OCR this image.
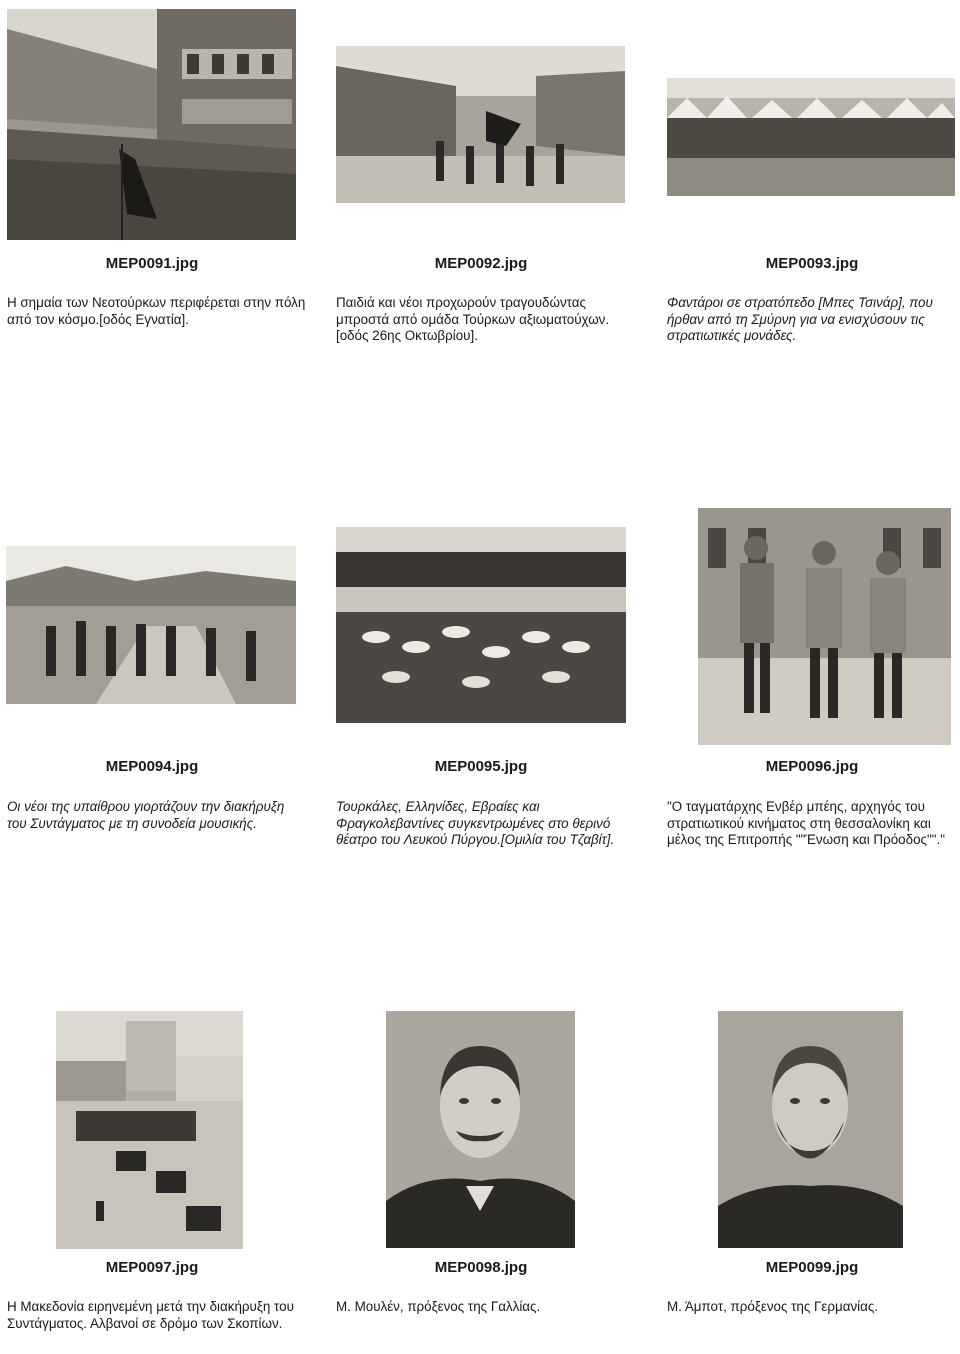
MEP0091.jpg	MEP0092.jpg	MEP0093.jpg
Η σημαία των Νεοτούρκων περιφέρεται στην πόλη από τον κόσμο.[οδός Εγνατία].
Παιδιά και νέοι προχωρούν τραγουδώντας μπροστά από ομάδα Τούρκων αξιωματούχων.[οδός 26ης Οκτωβρίου].
Φαντάροι σε στρατόπεδο [Μπες Τσινάρ], που ήρθαν από τη Σμύρνη για να ενισχύσουν τις στρατιωτικές μονάδες.
MEP0094.jpg	MEP0095.jpg	MEP0096.jpg
Οι νέοι της υπαίθρου γιορτάζουν την διακήρυξη του Συντάγματος με τη συνοδεία μουσικής.
Τουρκάλες, Ελληνίδες, Εβραίες και Φραγκολεβαντίνες συγκεντρωμένες στο θερινό θέατρο του Λευκού Πύργου.[Ομιλία του Τζαβίτ].
"Ο ταγματάρχης Ενβέρ μπέης, αρχηγός του στρατιωτικού κινήματος στη θεσσαλονίκη και μέλος της Επιτροπής ""Ένωση και Πρόοδος""."
MEP0097.jpg	MEP0098.jpg	MEP0099.jpg
Η Μακεδονία ειρηνεμένη μετά την διακήρυξη του Συντάγματος. Αλβανοί σε δρόμο των Σκοπίων.
Μ. Μουλέν, πρόξενος της Γαλλίας.	Μ. Άμποτ, πρόξενος της Γερμανίας.
